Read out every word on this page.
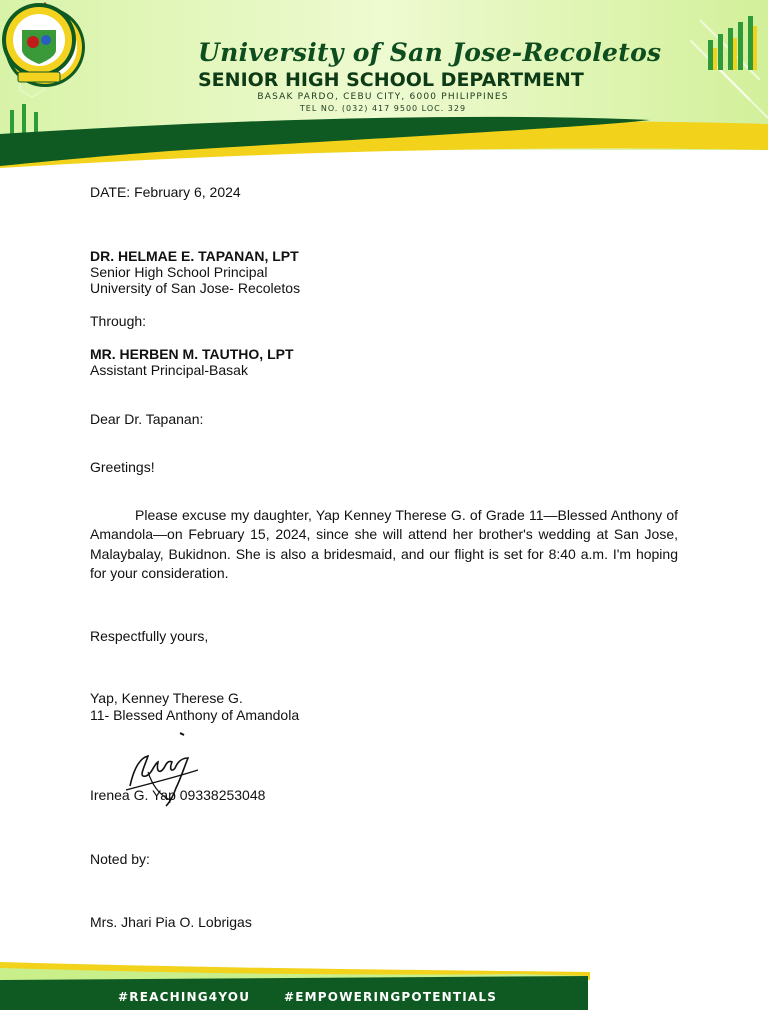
University of San Jose-Recoletos
SENIOR HIGH SCHOOL DEPARTMENT
BASAK PARDO, CEBU CITY, 6000 PHILIPPINES
TEL NO. (032) 417 9500 LOC. 329
DATE: February 6, 2024
DR. HELMAE E. TAPANAN, LPT
Senior High School Principal
University of San Jose- Recoletos
Through:
MR. HERBEN M. TAUTHO, LPT
Assistant Principal-Basak
Dear Dr. Tapanan:
Greetings!
Please excuse my daughter, Yap Kenney Therese G. of Grade 11—Blessed Anthony of Amandola—on February 15, 2024, since she will attend her brother's wedding at San Jose, Malaybalay, Bukidnon. She is also a bridesmaid, and our flight is set for 8:40 a.m. I'm hoping for your consideration.
Respectfully yours,
Yap, Kenney Therese G.
11- Blessed Anthony of Amandola
Irenea G. Yap 09338253048
Noted by:
Mrs. Jhari Pia O. Lobrigas
#REACHING4YOU	#EMPOWERINGPOTENTIALS
